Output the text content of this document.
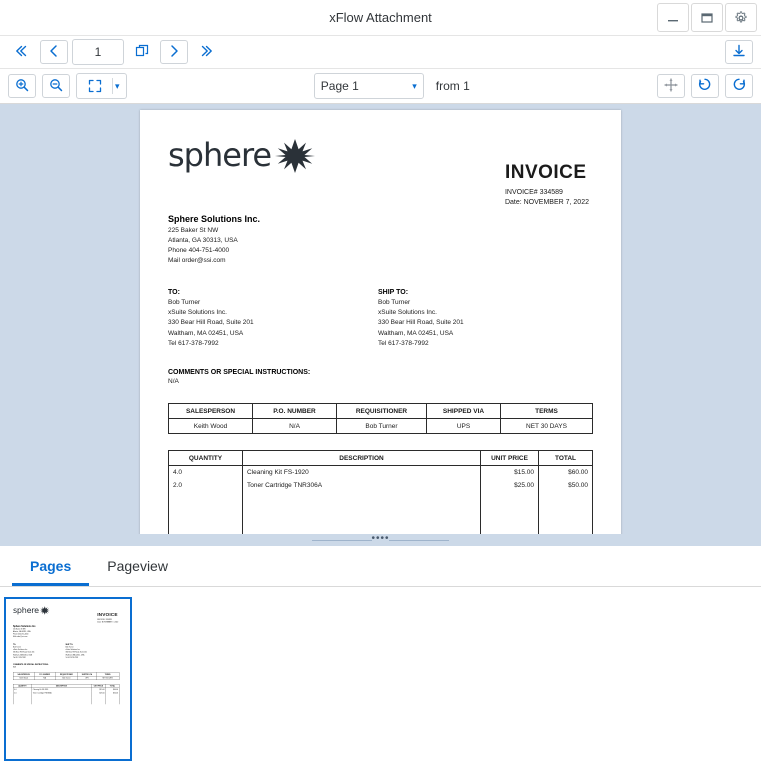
xFlow Attachment
1
▾	Page 1	▾ from 1
sphere	INVOICE
INVOICE# 334589
Date: NOVEMBER 7, 2022
Sphere Solutions Inc.
225 Baker St NW
Atlanta, GA 30313, USA
Phone 404-751-4000
Mail order@ssi.com
TO:
Bob Turner
xSuite Solutions Inc.
330 Bear Hill Road, Suite 201
Waltham, MA 02451, USA
Tel 617-378-7992
SHIP TO:
Bob Turner
xSuite Solutions Inc.
330 Bear Hill Road, Suite 201
Waltham, MA 02451, USA
Tel 617-378-7992
COMMENTS OR SPECIAL INSTRUCTIONS:
N/A
SALESPERSON	P.O. NUMBER	REQUISITIONER	SHIPPED VIA	TERMS
Keith Wood	N/A	Bob Turner	UPS	NET 30 DAYS
QUANTITY	DESCRIPTION	UNIT PRICE	TOTAL
4.0	Cleaning Kit FS-1920	$15.00	$60.00
2.0	Toner Cartridge TNR306A	$25.00	$50.00

••••
Pages	Pageview
sphere	INVOICE
INVOICE# 334589
Date: NOVEMBER 7, 2022
Sphere Solutions Inc.
225 Baker St NW
Atlanta, GA 30313, USA
Phone 404-751-4000
Mail order@ssi.com
TO:
Bob Turner
xSuite Solutions Inc.
330 Bear Hill Road, Suite 201
Waltham, MA 02451, USA
Tel 617-378-7992
SHIP TO:
Bob Turner
xSuite Solutions Inc.
330 Bear Hill Road, Suite 201
Waltham, MA 02451, USA
Tel 617-378-7992
COMMENTS OR SPECIAL INSTRUCTIONS:
N/A
SALESPERSON	P.O. NUMBER	REQUISITIONER	SHIPPED VIA	TERMS
Keith Wood	N/A	Bob Turner	UPS	NET 30 DAYS
QUANTITY	DESCRIPTION	UNIT PRICE	TOTAL
4.0	Cleaning Kit FS-1920	$15.00	$60.00
2.0	Toner Cartridge TNR306A	$25.00	$50.00
